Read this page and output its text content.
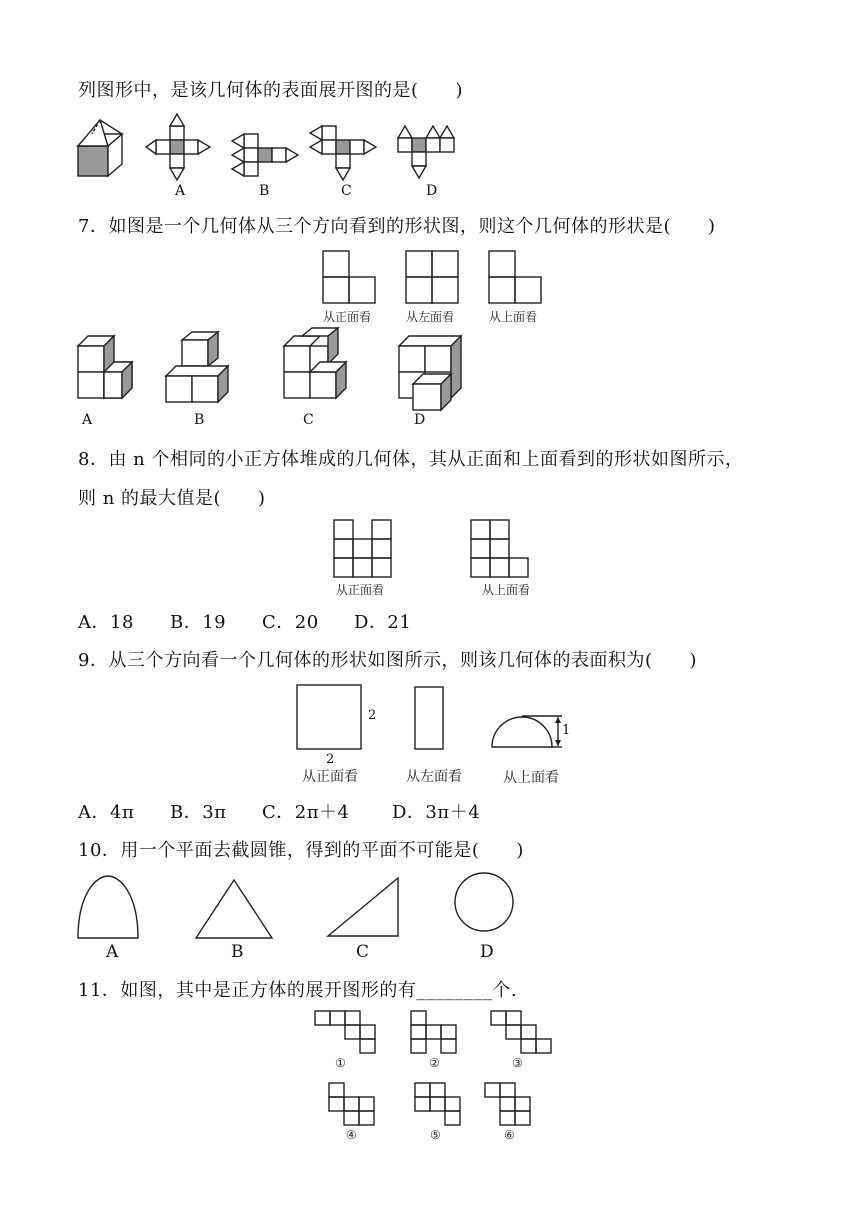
列图形中，是该几何体的表面展开图的是(　　)
A	B	C	D
7．如图是一个几何体从三个方向看到的形状图，则这个几何体的形状是(　　)
从正面看	从左面看	从上面看
A	B	C	D
8．由 n 个相同的小正方体堆成的几何体，其从正面和上面看到的形状如图所示，
则 n 的最大值是(　　)
从正面看	从上面看
A．18 B．19 C．20 D．21
9．从三个方向看一个几何体的形状如图所示，则该几何体的表面积为(　　)
2
2
从正面看	从左面看
1
从上面看
A．4π B．3π C．2π＋4 D．3π＋4
10．用一个平面去截圆锥，得到的平面不可能是(　　)
A	B	C	D
11．如图，其中是正方体的展开图形的有________个.
①	②	③
④	⑤	⑥
